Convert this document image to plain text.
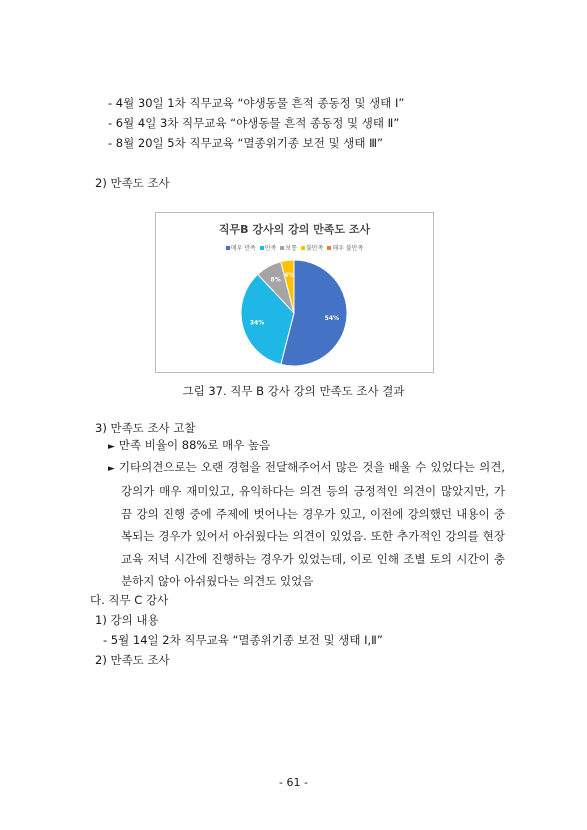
- 4월 30일 1차 직무교육 “야생동물 흔적 종동정 및 생태 Ⅰ”
- 6월 4일 3차 직무교육 “야생동물 흔적 종동정 및 생태 Ⅱ”
- 8월 20일 5차 직무교육 “멸종위기종 보전 및 생태 Ⅲ”
2) 만족도 조사
직무B 강사의 강의 만족도 조사
매우 만족 만족 보통 불만족 매우 불만족
54%
34%
8%
4%
그림 37. 직무 B 강사 강의 만족도 조사 결과
3) 만족도 조사 고찰
► 만족 비율이 88%로 매우 높음
► 기타의견으로는 오랜 경험을 전달해주어서 많은 것을 배울 수 있었다는 의견, 강의가 매우 재미있고, 유익하다는 의견 등의 긍정적인 의견이 많았지만, 가끔 강의 진행 중에 주제에 벗어나는 경우가 있고, 이전에 강의했던 내용이 중복되는 경우가 있어서 아쉬웠다는 의견이 있었음. 또한 추가적인 강의를 현장교육 저녁 시간에 진행하는 경우가 있었는데, 이로 인해 조별 토의 시간이 충분하지 않아 아쉬웠다는 의견도 있었음
다. 직무 C 강사
1) 강의 내용
- 5월 14일 2차 직무교육 “멸종위기종 보전 및 생태 Ⅰ,Ⅱ”
2) 만족도 조사
- 61 -
